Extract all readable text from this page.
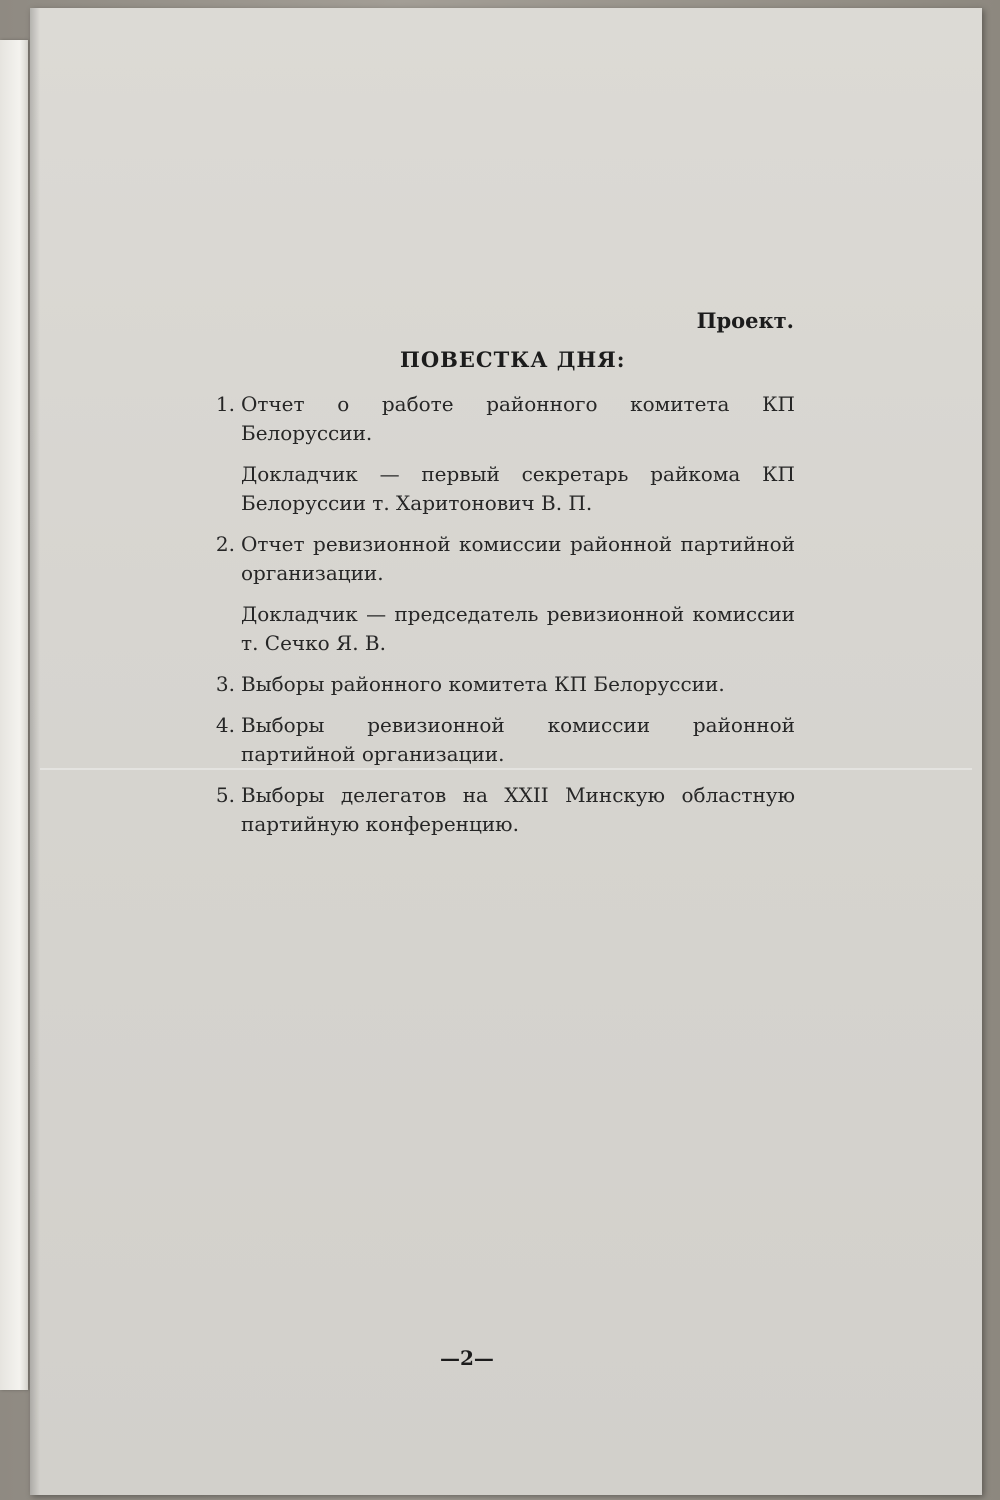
Проект.
ПОВЕСТКА ДНЯ:
1. Отчет о работе районного комитета КП Белоруссии.
Докладчик — первый секретарь райкома КП Белоруссии т. Харитонович В. П.
2. Отчет ревизионной комиссии районной партийной организации.
Докладчик — председатель ревизионной комиссии т. Сечко Я. В.
3. Выборы районного комитета КП Белоруссии.
4. Выборы ревизионной комиссии районной партийной организации.
5. Выборы делегатов на XXII Минскую областную партийную конференцию.
—2—
